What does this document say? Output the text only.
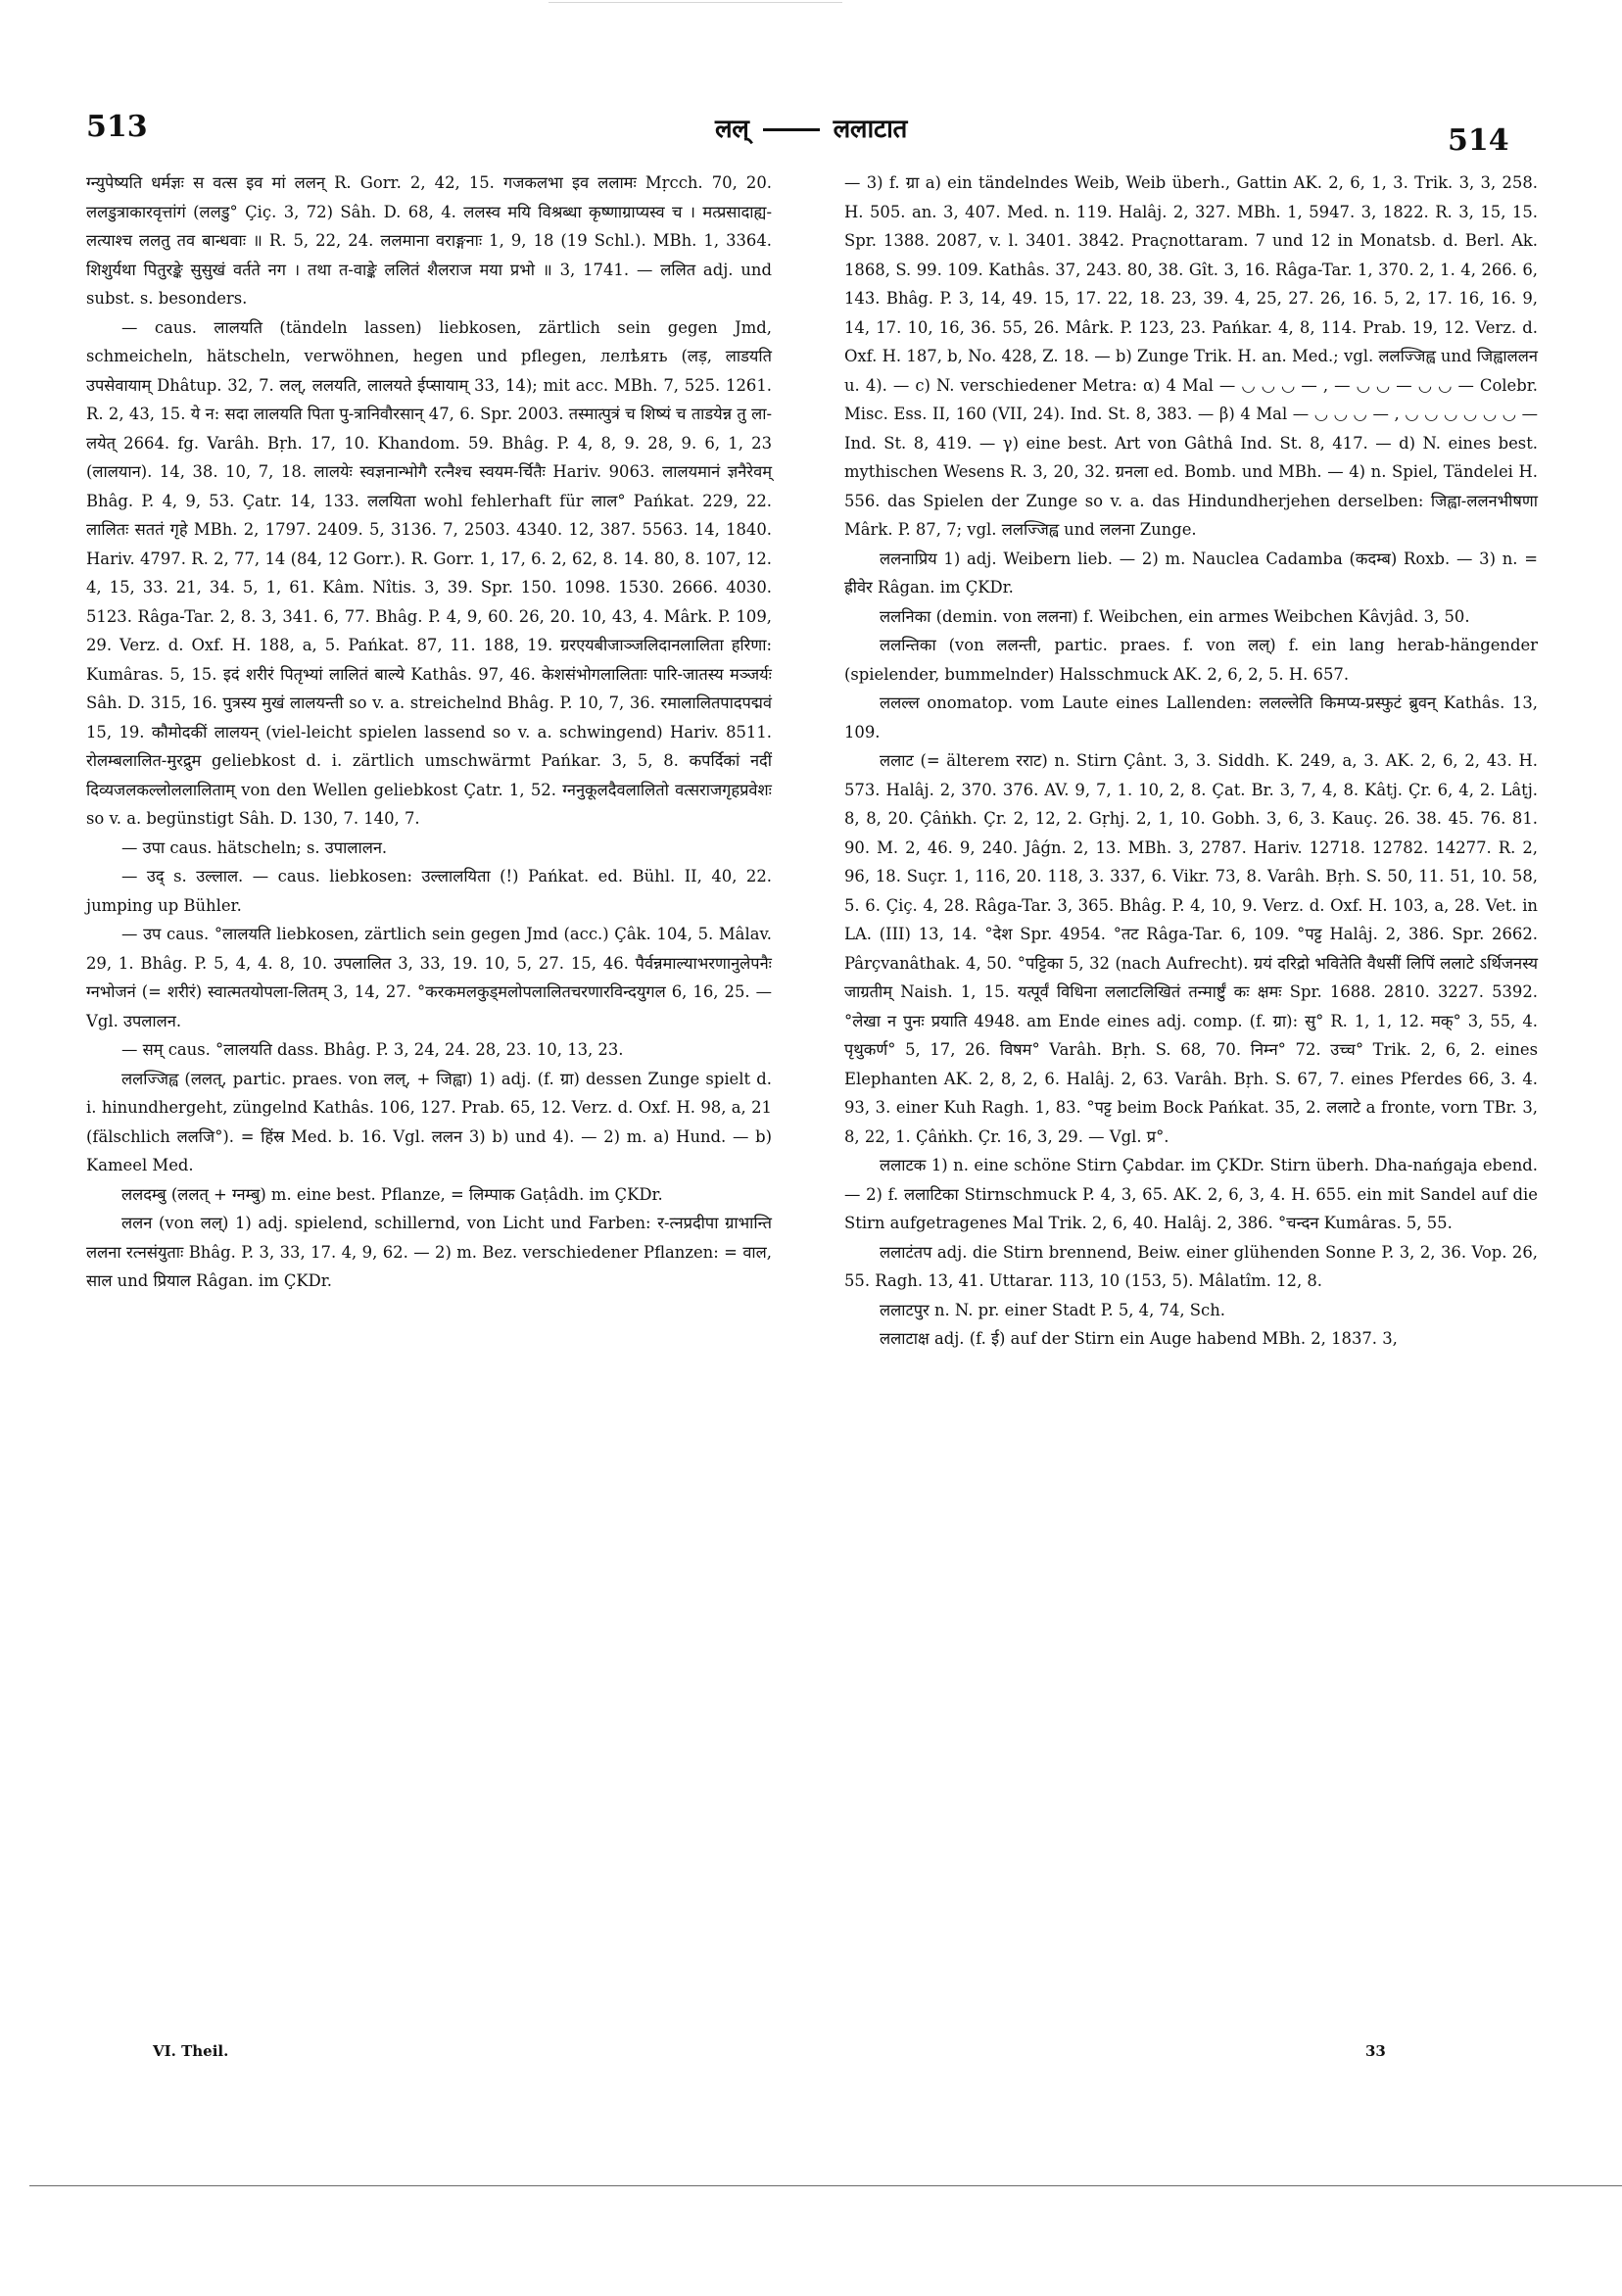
513	लल्	ललाटात	514

ग्न्युपेष्यति धर्मज्ञः स वत्स इव मां ललन् R. Gorr. 2, 42, 15. गजकलभा इव ललामः Mṛcch. 70, 20. ललडुत्राकारवृत्तांगं (ललडु° Çiç. 3, 72) Sâh. D. 68, 4. ललस्व मयि विश्रब्धा कृष्णाग्राप्यस्व च । मत्प्रसादाह्य-लत्याश्च ललतु तव बान्धवाः ॥ R. 5, 22, 24. ललमाना वराङ्गनाः 1, 9, 18 (19 Schl.). MBh. 1, 3364. शिशुर्यथा पितुरङ्के सुसुखं वर्तते नग । तथा त-वाङ्के ललितं शैलराज मया प्रभो ॥ 3, 1741. — ललित adj. und subst. s. besonders.

— caus. लालयति (tändeln lassen) liebkosen, zärtlich sein gegen Jmd, schmeicheln, hätscheln, verwöhnen, hegen und pflegen, лелѣять (लड़, लाडयति उपसेवायाम् Dhâtup. 32, 7. लल्, ललयति, लालयते ईप्सायाम् 33, 14); mit acc. MBh. 7, 525. 1261. R. 2, 43, 15. ये न: सदा लालयति पिता पु-त्रानिवौरसान् 47, 6. Spr. 2003. तस्मात्पुत्रं च शिष्यं च ताडयेन्न तु ला-लयेत् 2664. fg. Varâh. Bṛh. 17, 10. Khandom. 59. Bhâg. P. 4, 8, 9. 28, 9. 6, 1, 23 (लालयान). 14, 38. 10, 7, 18. लालयेः स्वज्ञनान्भोगै रत्नैश्च स्वयम-र्चितैः Hariv. 9063. लालयमानं ज्ञनैरेवम् Bhâg. P. 4, 9, 53. Çatr. 14, 133. ललयिता wohl fehlerhaft für लाल° Pańkat. 229, 22. लालितः सततं गृहे MBh. 2, 1797. 2409. 5, 3136. 7, 2503. 4340. 12, 387. 5563. 14, 1840. Hariv. 4797. R. 2, 77, 14 (84, 12 Gorr.). R. Gorr. 1, 17, 6. 2, 62, 8. 14. 80, 8. 107, 12. 4, 15, 33. 21, 34. 5, 1, 61. Kâm. Nîtis. 3, 39. Spr. 150. 1098. 1530. 2666. 4030. 5123. Râga-Tar. 2, 8. 3, 341. 6, 77. Bhâg. P. 4, 9, 60. 26, 20. 10, 43, 4. Mârk. P. 109, 29. Verz. d. Oxf. H. 188, a, 5. Pańkat. 87, 11. 188, 19. ग्ररएयबीजाञ्जलिदानलालिता हरिणा: Kumâras. 5, 15. इदं शरीरं पितृभ्यां लालितं बाल्ये Kathâs. 97, 46. केशसंभोगलालिताः पारि-जातस्य मञ्जर्यः Sâh. D. 315, 16. पुत्रस्य मुखं लालयन्ती so v. a. streichelnd Bhâg. P. 10, 7, 36. रमालालितपादपद्मवं 15, 19. कौमोदकीं लालयन् (viel-leicht spielen lassend so v. a. schwingend) Hariv. 8511. रोलम्बलालित-मुरद्रुम geliebkost d. i. zärtlich umschwärmt Pańkar. 3, 5, 8. कपर्दिकां नदीं दिव्यजलकल्लोललालिताम् von den Wellen geliebkost Çatr. 1, 52. ग्ननुकूलदैवलालितो वत्सराजगृहप्रवेशः so v. a. begünstigt Sâh. D. 130, 7. 140, 7.

— उपा caus. hätscheln; s. उपालालन.

— उद् s. उल्लाल. — caus. liebkosen: उल्लालयिता (!) Pańkat. ed. Bühl. II, 40, 22. jumping up Bühler.

— उप caus. °लालयति liebkosen, zärtlich sein gegen Jmd (acc.) Çâk. 104, 5. Mâlav. 29, 1. Bhâg. P. 5, 4, 4. 8, 10. उपलालित 3, 33, 19. 10, 5, 27. 15, 46. पैर्वन्नमाल्याभरणानुलेपनैः ग्नभोजनं (= शरीरं) स्वात्मतयोपला-लितम् 3, 14, 27. °करकमलकुड्मलोपलालितचरणारविन्दयुगल 6, 16, 25. — Vgl. उपलालन.

— सम् caus. °लालयति dass. Bhâg. P. 3, 24, 24. 28, 23. 10, 13, 23.

ललज्जिह्व (ललत्, partic. praes. von लल्, + जिह्वा) 1) adj. (f. ग्रा) dessen Zunge spielt d. i. hinundhergeht, züngelnd Kathâs. 106, 127. Prab. 65, 12. Verz. d. Oxf. H. 98, a, 21 (fälschlich ललजि°). = हिंस्र Med. b. 16. Vgl. ललन 3) b) und 4). — 2) m. a) Hund. — b) Kameel Med.

ललदम्बु (ललत् + ग्नम्बु) m. eine best. Pflanze, = लिम्पाक Gaṭâdh. im ÇKDr.

ललन (von लल्) 1) adj. spielend, schillernd, von Licht und Farben: र-त्नप्रदीपा ग्राभान्ति ललना रत्नसंयुताः Bhâg. P. 3, 33, 17. 4, 9, 62. — 2) m. Bez. verschiedener Pflanzen: = वाल, साल und प्रियाल Râgan. im ÇKDr.

— 3) f. ग्रा a) ein tändelndes Weib, Weib überh., Gattin AK. 2, 6, 1, 3. Trik. 3, 3, 258. H. 505. an. 3, 407. Med. n. 119. Halâj. 2, 327. MBh. 1, 5947. 3, 1822. R. 3, 15, 15. Spr. 1388. 2087, v. l. 3401. 3842. Praçnottaram. 7 und 12 in Monatsb. d. Berl. Ak. 1868, S. 99. 109. Kathâs. 37, 243. 80, 38. Gît. 3, 16. Râga-Tar. 1, 370. 2, 1. 4, 266. 6, 143. Bhâg. P. 3, 14, 49. 15, 17. 22, 18. 23, 39. 4, 25, 27. 26, 16. 5, 2, 17. 16, 16. 9, 14, 17. 10, 16, 36. 55, 26. Mârk. P. 123, 23. Pańkar. 4, 8, 114. Prab. 19, 12. Verz. d. Oxf. H. 187, b, No. 428, Z. 18. — b) Zunge Trik. H. an. Med.; vgl. ललज्जिह्व und जिह्वाललन u. 4). — c) N. verschiedener Metra: α) 4 Mal — ◡ ◡ ◡ — , — ◡ ◡ — ◡ ◡ — Colebr. Misc. Ess. II, 160 (VII, 24). Ind. St. 8, 383. — β) 4 Mal — ◡ ◡ ◡ — , ◡ ◡ ◡ ◡ ◡ ◡ — Ind. St. 8, 419. — γ) eine best. Art von Gâthâ Ind. St. 8, 417. — d) N. eines best. mythischen Wesens R. 3, 20, 32. ग्रनला ed. Bomb. und MBh. — 4) n. Spiel, Tändelei H. 556. das Spielen der Zunge so v. a. das Hindundherjehen derselben: जिह्वा-ललनभीषणा Mârk. P. 87, 7; vgl. ललज्जिह्व und ललना Zunge.

ललनाप्रिय 1) adj. Weibern lieb. — 2) m. Nauclea Cadamba (कदम्ब) Roxb. — 3) n. = ह्रीवेर Râgan. im ÇKDr.

ललनिका (demin. von ललना) f. Weibchen, ein armes Weibchen Kâvjâd. 3, 50.

ललन्तिका (von ललन्ती, partic. praes. f. von लल्) f. ein lang herab-hängender (spielender, bummelnder) Halsschmuck AK. 2, 6, 2, 5. H. 657.

ललल्ल onomatop. vom Laute eines Lallenden: ललल्लेति किमप्य-प्रस्फुटं ब्रुवन् Kathâs. 13, 109.

ललाट (= älterem रराट) n. Stirn Çânt. 3, 3. Siddh. K. 249, a, 3. AK. 2, 6, 2, 43. H. 573. Halâj. 2, 370. 376. AV. 9, 7, 1. 10, 2, 8. Çat. Br. 3, 7, 4, 8. Kâtj. Çr. 6, 4, 2. Lâṭj. 8, 8, 20. Çâṅkh. Çr. 2, 12, 2. Gṛhj. 2, 1, 10. Gobh. 3, 6, 3. Kauç. 26. 38. 45. 76. 81. 90. M. 2, 46. 9, 240. Jâǵn. 2, 13. MBh. 3, 2787. Hariv. 12718. 12782. 14277. R. 2, 96, 18. Suçr. 1, 116, 20. 118, 3. 337, 6. Vikr. 73, 8. Varâh. Bṛh. S. 50, 11. 51, 10. 58, 5. 6. Çiç. 4, 28. Râga-Tar. 3, 365. Bhâg. P. 4, 10, 9. Verz. d. Oxf. H. 103, a, 28. Vet. in LA. (III) 13, 14. °देश Spr. 4954. °तट Râga-Tar. 6, 109. °पट्ट Halâj. 2, 386. Spr. 2662. Pârçvanâthak. 4, 50. °पट्टिका 5, 32 (nach Aufrecht). ग्रयं दरिद्रो भवितेति वैधसीं लिपिं ललाटे ऽर्थिजनस्य जाग्रतीम् Naish. 1, 15. यत्पूर्वं विधिना ललाटलिखितं तन्मार्ष्टुं कः क्षमः Spr. 1688. 2810. 3227. 5392. °लेखा न पुनः प्रयाति 4948. am Ende eines adj. comp. (f. ग्रा): सु° R. 1, 1, 12. मक्° 3, 55, 4. पृथुकर्ण° 5, 17, 26. विषम° Varâh. Bṛh. S. 68, 70. निम्न° 72. उच्च° Trik. 2, 6, 2. eines Elephanten AK. 2, 8, 2, 6. Halâj. 2, 63. Varâh. Bṛh. S. 67, 7. eines Pferdes 66, 3. 4. 93, 3. einer Kuh Ragh. 1, 83. °पट्ट beim Bock Pańkat. 35, 2. ललाटे a fronte, vorn TBr. 3, 8, 22, 1. Çâṅkh. Çr. 16, 3, 29. — Vgl. प्र°.

ललाटक 1) n. eine schöne Stirn Çabdar. im ÇKDr. Stirn überh. Dha-nańgaja ebend. — 2) f. ललाटिका Stirnschmuck P. 4, 3, 65. AK. 2, 6, 3, 4. H. 655. ein mit Sandel auf die Stirn aufgetragenes Mal Trik. 2, 6, 40. Halâj. 2, 386. °चन्दन Kumâras. 5, 55.

ललाटंतप adj. die Stirn brennend, Beiw. einer glühenden Sonne P. 3, 2, 36. Vop. 26, 55. Ragh. 13, 41. Uttarar. 113, 10 (153, 5). Mâlatîm. 12, 8.

ललाटपुर n. N. pr. einer Stadt P. 5, 4, 74, Sch.

ललाटाक्ष adj. (f. ई) auf der Stirn ein Auge habend MBh. 2, 1837. 3,

VI. Theil.	33
